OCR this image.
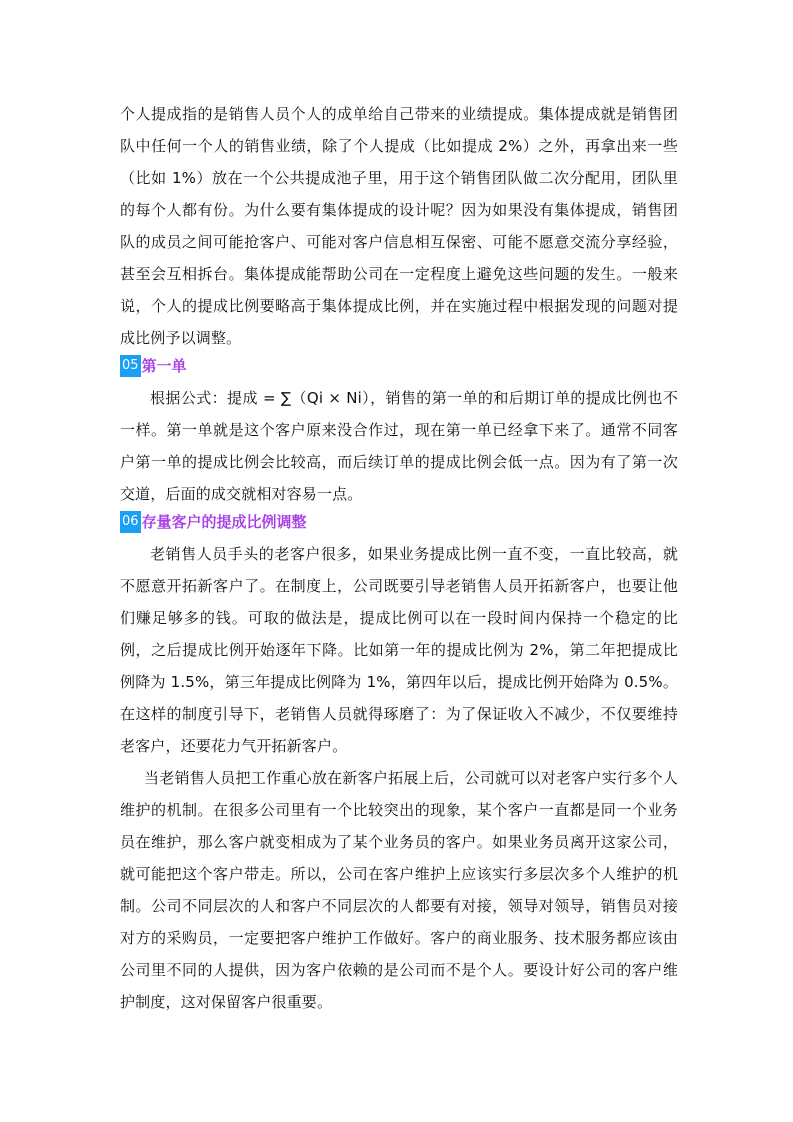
个人提成指的是销售人员个人的成单给自己带来的业绩提成。集体提成就是销售团队中任何一个人的销售业绩，除了个人提成（比如提成 2%）之外，再拿出来一些（比如 1%）放在一个公共提成池子里，用于这个销售团队做二次分配用，团队里的每个人都有份。为什么要有集体提成的设计呢？因为如果没有集体提成，销售团队的成员之间可能抢客户、可能对客户信息相互保密、可能不愿意交流分享经验，甚至会互相拆台。集体提成能帮助公司在一定程度上避免这些问题的发生。一般来说，个人的提成比例要略高于集体提成比例，并在实施过程中根据发现的问题对提成比例予以调整。

05 第一单

根据公式：提成 = ∑（Qi × Ni），销售的第一单的和后期订单的提成比例也不一样。第一单就是这个客户原来没合作过，现在第一单已经拿下来了。通常不同客户第一单的提成比例会比较高，而后续订单的提成比例会低一点。因为有了第一次交道，后面的成交就相对容易一点。

06 存量客户的提成比例调整

老销售人员手头的老客户很多，如果业务提成比例一直不变，一直比较高，就不愿意开拓新客户了。在制度上，公司既要引导老销售人员开拓新客户，也要让他们赚足够多的钱。可取的做法是，提成比例可以在一段时间内保持一个稳定的比例，之后提成比例开始逐年下降。比如第一年的提成比例为 2%，第二年把提成比例降为 1.5%，第三年提成比例降为 1%，第四年以后，提成比例开始降为 0.5%。在这样的制度引导下，老销售人员就得琢磨了：为了保证收入不减少，不仅要维持老客户，还要花力气开拓新客户。

当老销售人员把工作重心放在新客户拓展上后，公司就可以对老客户实行多个人维护的机制。在很多公司里有一个比较突出的现象，某个客户一直都是同一个业务员在维护，那么客户就变相成为了某个业务员的客户。如果业务员离开这家公司，就可能把这个客户带走。所以，公司在客户维护上应该实行多层次多个人维护的机制。公司不同层次的人和客户不同层次的人都要有对接，领导对领导，销售员对接对方的采购员，一定要把客户维护工作做好。客户的商业服务、技术服务都应该由公司里不同的人提供，因为客户依赖的是公司而不是个人。要设计好公司的客户维护制度，这对保留客户很重要。
